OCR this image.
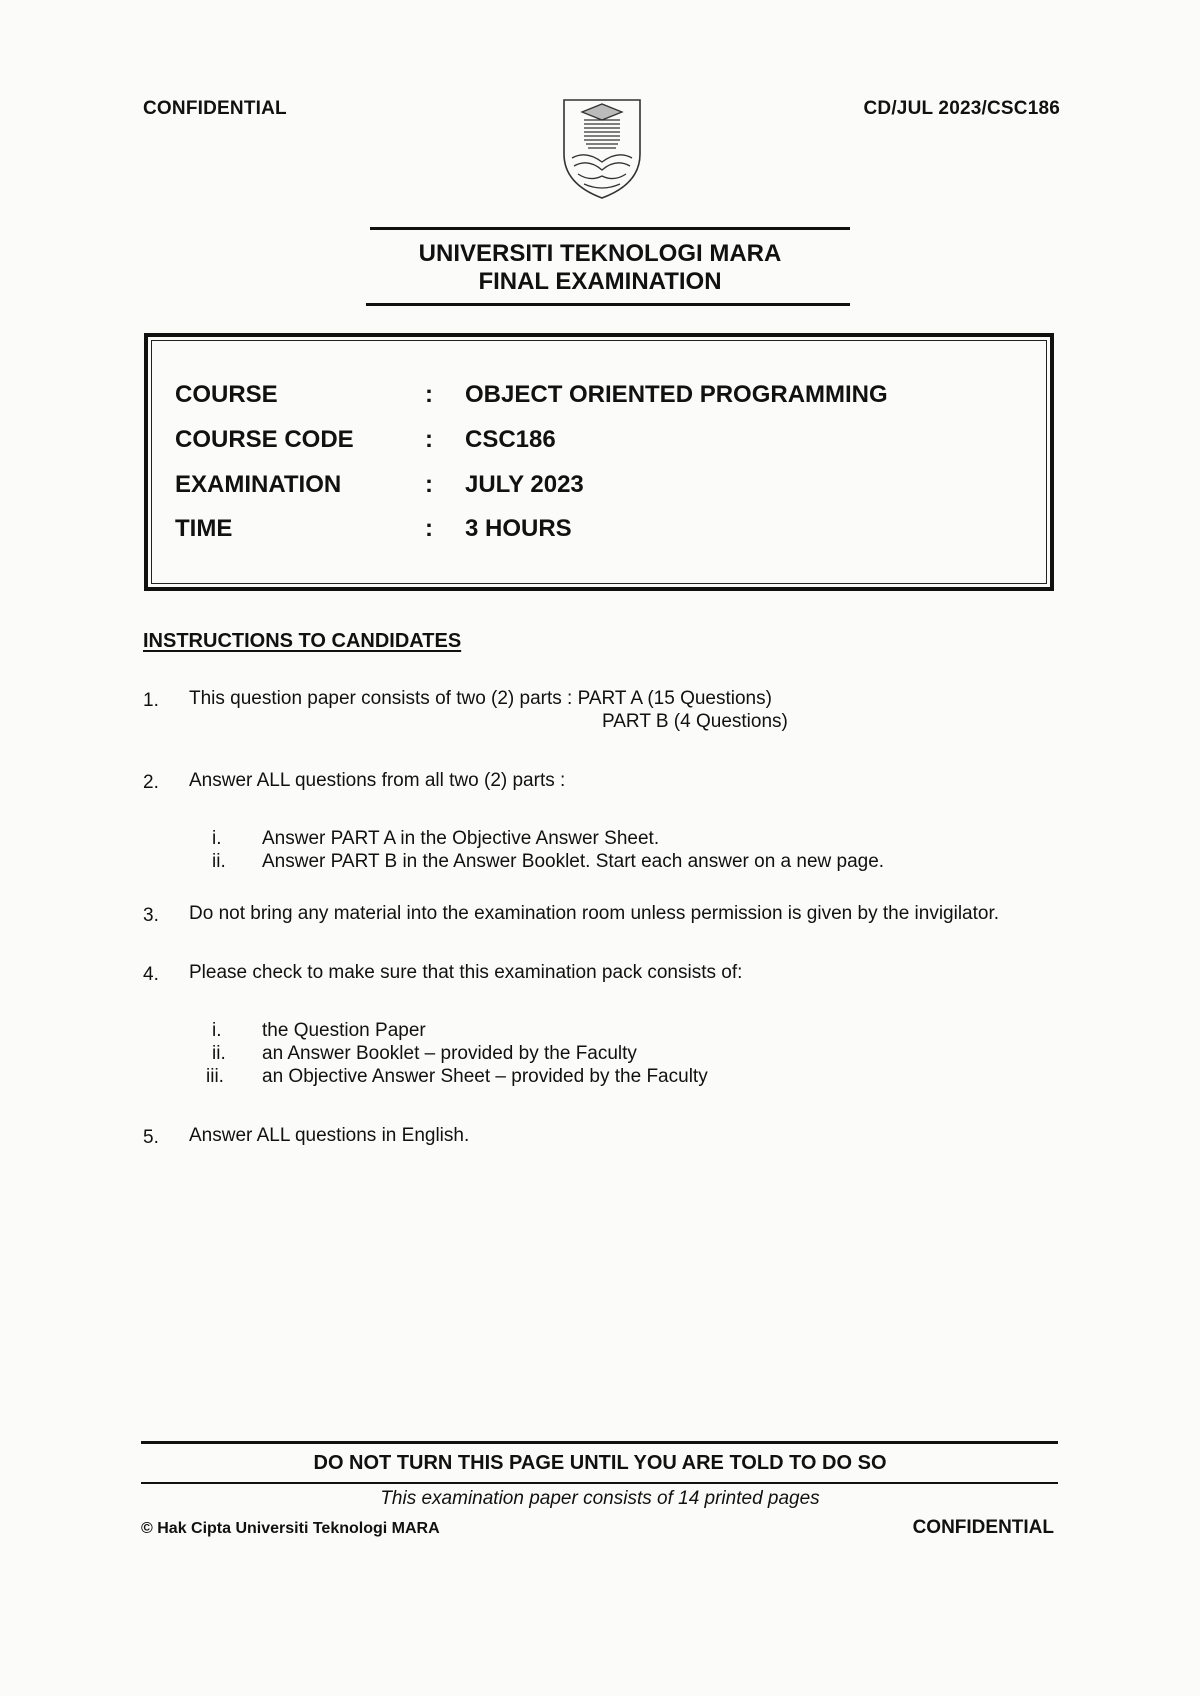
CONFIDENTIAL	CD/JUL 2023/CSC186
UNIVERSITI TEKNOLOGI MARA
FINAL EXAMINATION
COURSE	: OBJECT ORIENTED PROGRAMMING
COURSE CODE	: CSC186
EXAMINATION	: JULY 2023
TIME	: 3 HOURS
INSTRUCTIONS TO CANDIDATES
1. This question paper consists of two (2) parts : PART A (15 Questions)
PART B (4 Questions)
2. Answer ALL questions from all two (2) parts :
i. Answer PART A in the Objective Answer Sheet.
ii. Answer PART B in the Answer Booklet. Start each answer on a new page.
3. Do not bring any material into the examination room unless permission is given by the invigilator.
4. Please check to make sure that this examination pack consists of:
i. the Question Paper
ii. an Answer Booklet – provided by the Faculty
iii. an Objective Answer Sheet – provided by the Faculty
5. Answer ALL questions in English.
DO NOT TURN THIS PAGE UNTIL YOU ARE TOLD TO DO SO
This examination paper consists of 14 printed pages
© Hak Cipta Universiti Teknologi MARA	CONFIDENTIAL
